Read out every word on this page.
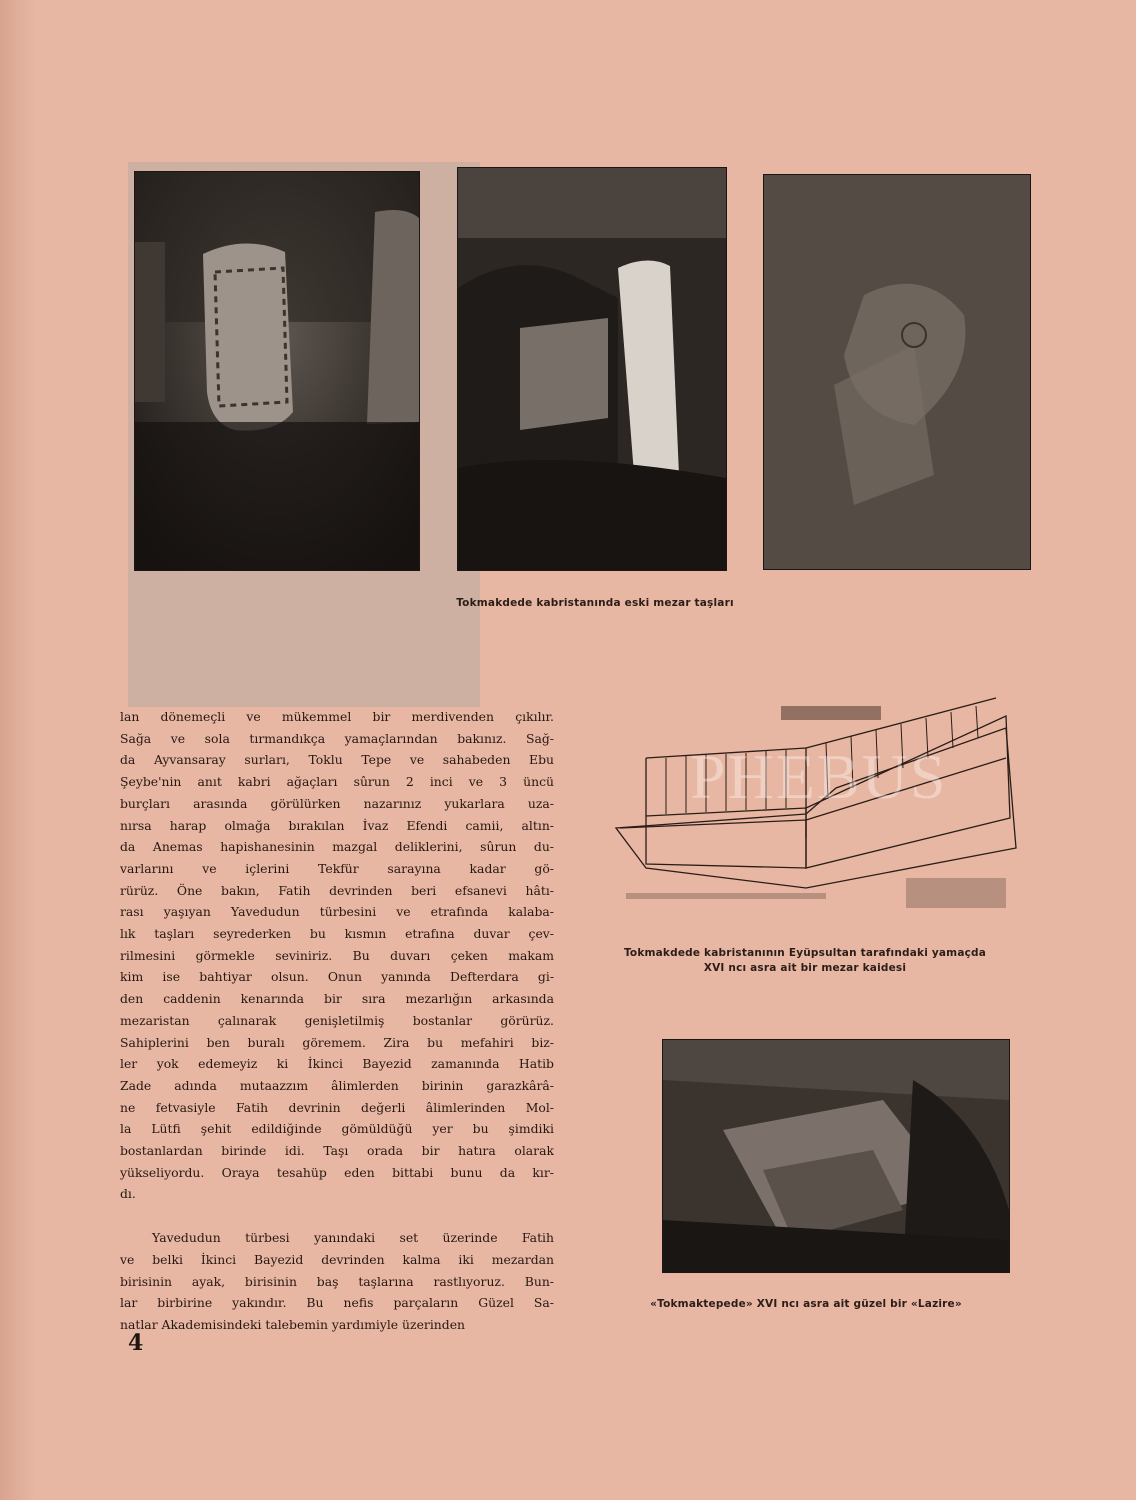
Tokmakdede kabristanında eski mezar taşları
Tokmakdede kabristanının Eyüpsultan tarafındaki yamaçda
XVI ncı asra ait bir mezar kaidesi
«Tokmaktepede» XVI ncı asra ait güzel bir «Lazire»
lan dönemeçli ve mükemmel bir merdivenden çıkılır.
Sağa ve sola tırmandıkça yamaçlarından bakınız. Sağ-
da Ayvansaray surları, Toklu Tepe ve sahabeden Ebu
Şeybe'nin anıt kabri ağaçları sûrun 2 inci ve 3 üncü
burçları arasında görülürken nazarınız yukarlara uza-
nırsa harap olmağa bırakılan İvaz Efendi camii, altın-
da Anemas hapishanesinin mazgal deliklerini, sûrun du-
varlarını ve içlerini Tekfür sarayına kadar gö-
rürüz. Öne bakın, Fatih devrinden beri efsanevi hâtı-
rası yaşıyan Yavedudun türbesini ve etrafında kalaba-
lık taşları seyrederken bu kısmın etrafına duvar çev-
rilmesini görmekle seviniriz. Bu duvarı çeken makam
kim ise bahtiyar olsun. Onun yanında Defterdara gi-
den caddenin kenarında bir sıra mezarlığın arkasında
mezaristan çalınarak genişletilmiş bostanlar görürüz.
Sahiplerini ben buralı göremem. Zira bu mefahiri biz-
ler yok edemeyiz ki İkinci Bayezid zamanında Hatib
Zade adında mutaazzım âlimlerden birinin garazkârâ-
ne fetvasiyle Fatih devrinin değerli âlimlerinden Mol-
la Lütfi şehit edildiğinde gömüldüğü yer bu şimdiki
bostanlardan birinde idi. Taşı orada bir hatıra olarak
yükseliyordu. Oraya tesahüp eden bittabi bunu da kır-
dı.
Yavedudun türbesi yanındaki set üzerinde Fatih
ve belki İkinci Bayezid devrinden kalma iki mezardan
birisinin ayak, birisinin baş taşlarına rastlıyoruz. Bun-
lar birbirine yakındır. Bu nefis parçaların Güzel Sa-
natlar Akademisindeki talebemin yardımiyle üzerinden
PHEBUS
4
